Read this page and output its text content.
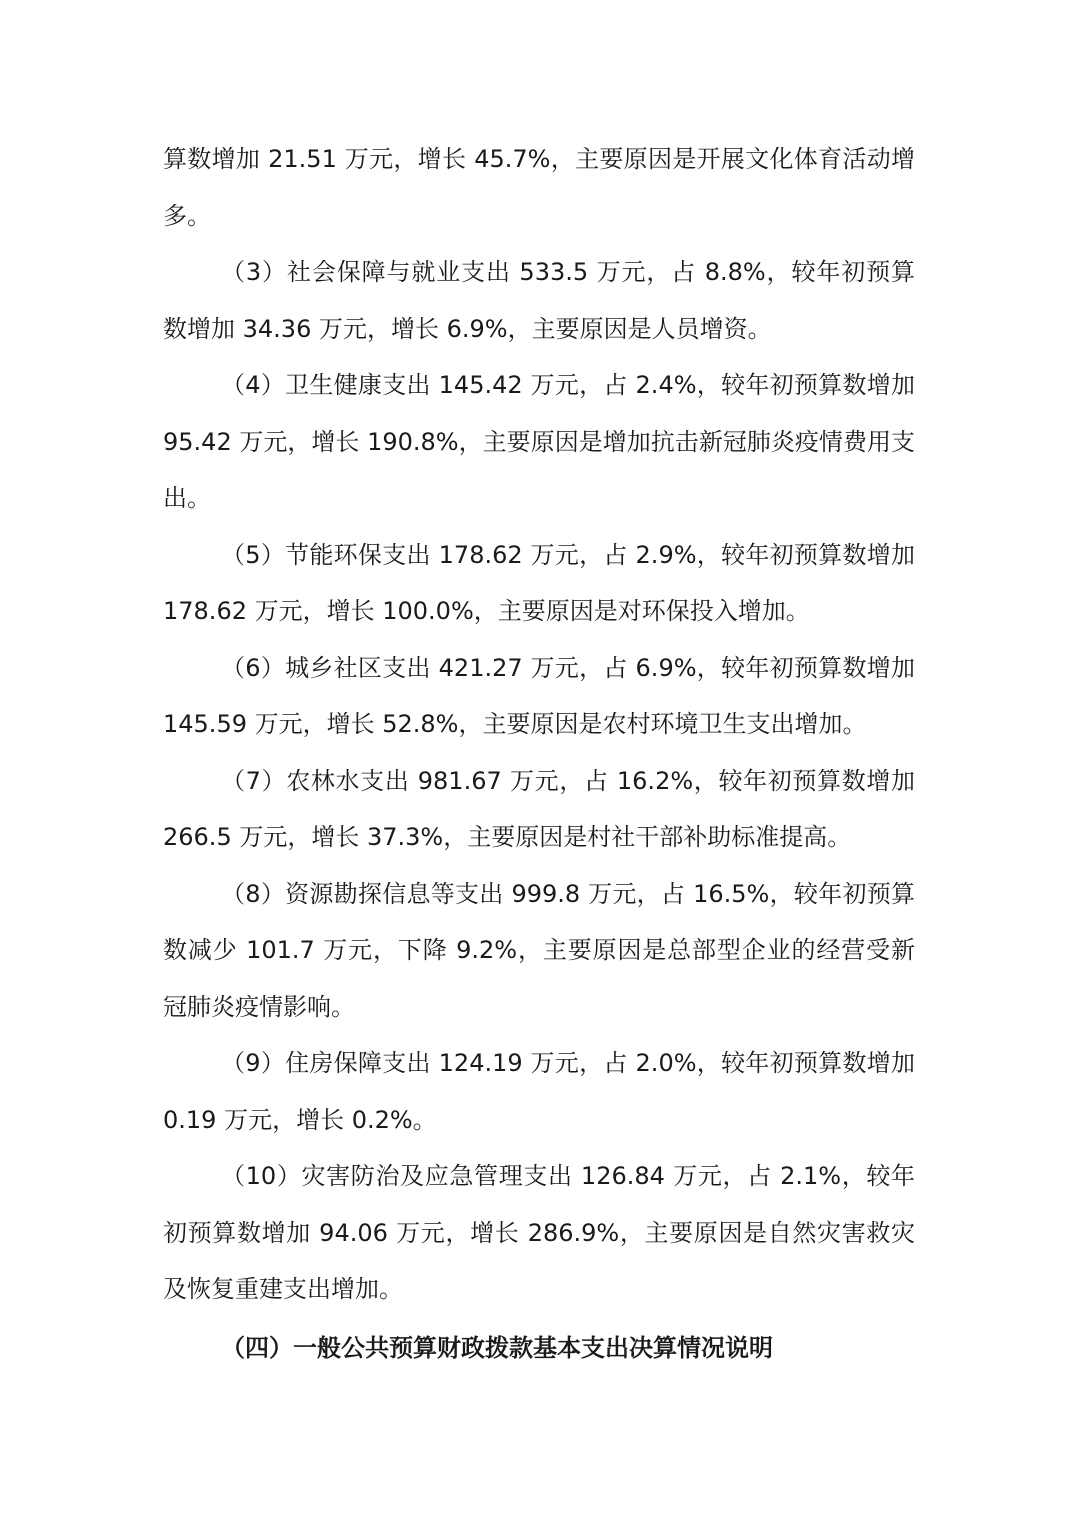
算数增加 21.51 万元，增长 45.7%，主要原因是开展文化体育活动增多。

（3）社会保障与就业支出 533.5 万元，占 8.8%，较年初预算数增加 34.36 万元，增长 6.9%，主要原因是人员增资。

（4）卫生健康支出 145.42 万元，占 2.4%，较年初预算数增加 95.42 万元，增长 190.8%，主要原因是增加抗击新冠肺炎疫情费用支出。

（5）节能环保支出 178.62 万元，占 2.9%，较年初预算数增加 178.62 万元，增长 100.0%，主要原因是对环保投入增加。

（6）城乡社区支出 421.27 万元，占 6.9%，较年初预算数增加 145.59 万元，增长 52.8%，主要原因是农村环境卫生支出增加。

（7）农林水支出 981.67 万元，占 16.2%，较年初预算数增加 266.5 万元，增长 37.3%，主要原因是村社干部补助标准提高。

（8）资源勘探信息等支出 999.8 万元，占 16.5%，较年初预算数减少 101.7 万元，下降 9.2%，主要原因是总部型企业的经营受新冠肺炎疫情影响。

（9）住房保障支出 124.19 万元，占 2.0%，较年初预算数增加 0.19 万元，增长 0.2%。

（10）灾害防治及应急管理支出 126.84 万元，占 2.1%，较年初预算数增加 94.06 万元，增长 286.9%，主要原因是自然灾害救灾及恢复重建支出增加。

（四）一般公共预算财政拨款基本支出决算情况说明
